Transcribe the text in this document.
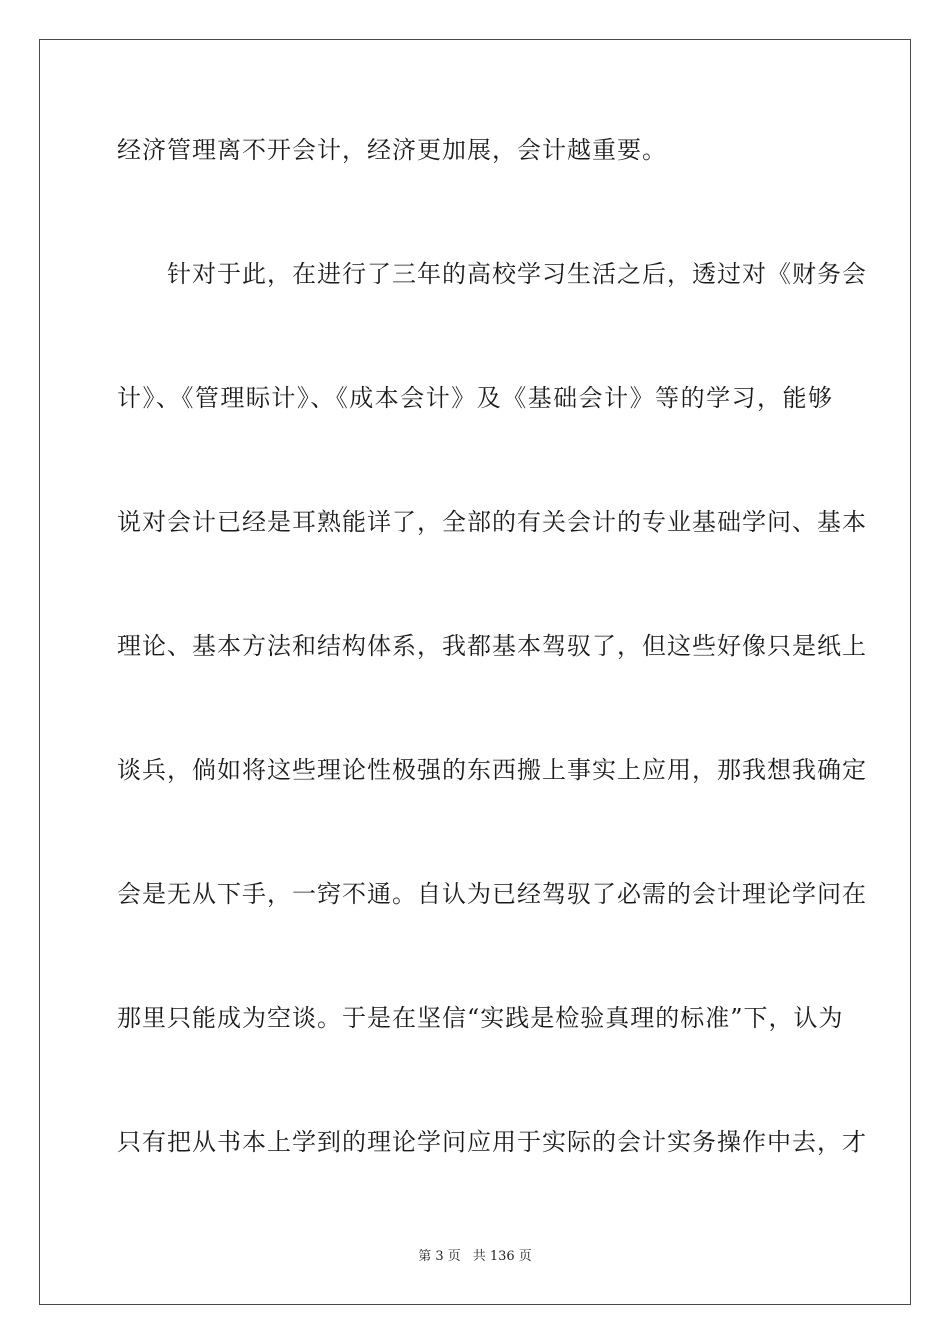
经济管理离不开会计，经济更加展，会计越重要。
　　针对于此，在进行了三年的高校学习生活之后，透过对《财务会
计》、《管理眎计》、《成本会计》及《基础会计》等的学习，能够
说对会计已经是耳熟能详了，全部的有关会计的专业基础学问、基本
理论、基本方法和结构体系，我都基本驾驭了，但这些好像只是纸上
谈兵，倘如将这些理论性极强的东西搬上事实上应用，那我想我确定
会是无从下手，一窍不通。自认为已经驾驭了必需的会计理论学问在
那里只能成为空谈。于是在坚信“实践是检验真理的标准”下，认为
只有把从书本上学到的理论学问应用于实际的会计实务操作中去，才
第 3 页 共 136 页
